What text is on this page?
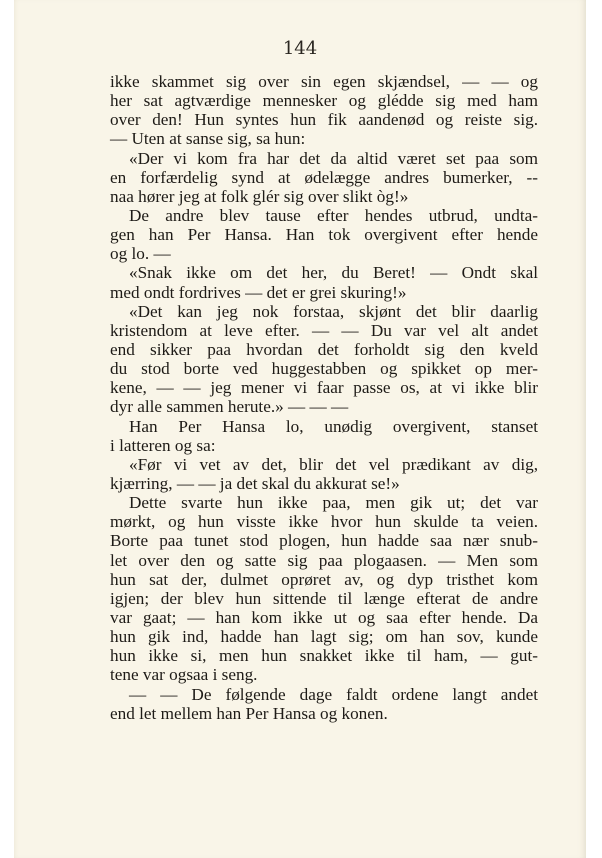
144
ikke skammet sig over sin egen skjændsel, — — og
her sat agtværdige mennesker og glédde sig med ham
over den! Hun syntes hun fik aandenød og reiste sig.
— Uten at sanse sig, sa hun:
«Der vi kom fra har det da altid været set paa som
en forfærdelig synd at ødelægge andres bumerker, --
naa hører jeg at folk glér sig over slikt òg!»
De andre blev tause efter hendes utbrud, undta-
gen han Per Hansa. Han tok overgivent efter hende
og lo. —
«Snak ikke om det her, du Beret! — Ondt skal
med ondt fordrives — det er grei skuring!»
«Det kan jeg nok forstaa, skjønt det blir daarlig
kristendom at leve efter. — — Du var vel alt andet
end sikker paa hvordan det forholdt sig den kveld
du stod borte ved huggestabben og spikket op mer-
kene, — — jeg mener vi faar passe os, at vi ikke blir
dyr alle sammen herute.» — — —
Han Per Hansa lo, unødig overgivent, stanset
i latteren og sa:
«Før vi vet av det, blir det vel prædikant av dig,
kjærring, — — ja det skal du akkurat se!»
Dette svarte hun ikke paa, men gik ut; det var
mørkt, og hun visste ikke hvor hun skulde ta veien.
Borte paa tunet stod plogen, hun hadde saa nær snub-
let over den og satte sig paa plogaasen. — Men som
hun sat der, dulmet oprøret av, og dyp tristhet kom
igjen; der blev hun sittende til længe efterat de andre
var gaat; — han kom ikke ut og saa efter hende. Da
hun gik ind, hadde han lagt sig; om han sov, kunde
hun ikke si, men hun snakket ikke til ham, — gut-
tene var ogsaa i seng.
— — De følgende dage faldt ordene langt andet
end let mellem han Per Hansa og konen.
